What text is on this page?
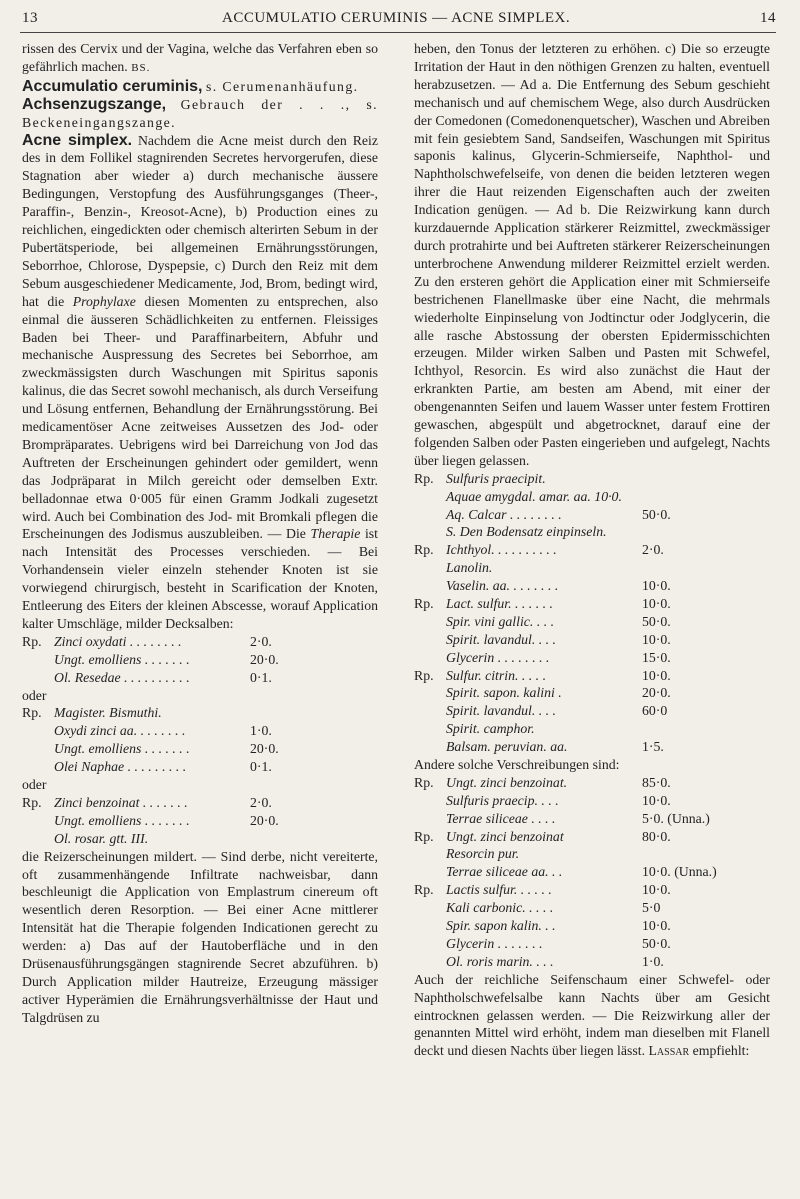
13	ACCUMULATIO CERUMINIS — ACNE SIMPLEX.	14

rissen des Cervix und der Vagina, welche das Verfahren eben so gefährlich machen. BS.

Accumulatio ceruminis, s. Cerumenanhäufung.

Achsenzugszange, Gebrauch der . . ., s. Beckeneingangszange.

Acne simplex. Nachdem die Acne meist durch den Reiz des in dem Follikel stagnirenden Secretes hervorgerufen, diese Stagnation aber wieder a) durch mechanische äussere Bedingungen, Verstopfung des Ausführungsganges (Theer-, Paraffin-, Benzin-, Kreosot-Acne), b) Production eines zu reichlichen, eingedickten oder chemisch alterirten Sebum in der Pubertätsperiode, bei allgemeinen Ernährungsstörungen, Seborrhoe, Chlorose, Dyspepsie, c) Durch den Reiz mit dem Sebum ausgeschiedener Medicamente, Jod, Brom, bedingt wird, hat die Prophylaxe diesen Momenten zu entsprechen, also einmal die äusseren Schädlichkeiten zu entfernen. Fleissiges Baden bei Theer- und Paraffinarbeitern, Abfuhr und mechanische Auspressung des Secretes bei Seborrhoe, am zweckmässigsten durch Waschungen mit Spiritus saponis kalinus, die das Secret sowohl mechanisch, als durch Verseifung und Lösung entfernen, Behandlung der Ernährungsstörung. Bei medicamentöser Acne zeitweises Aussetzen des Jod- oder Brompräparates. Uebrigens wird bei Darreichung von Jod das Auftreten der Erscheinungen gehindert oder gemildert, wenn das Jodpräparat in Milch gereicht oder demselben Extr. belladonnae etwa 0·005 für einen Gramm Jodkali zugesetzt wird. Auch bei Combination des Jod- mit Bromkali pflegen die Erscheinungen des Jodismus auszubleiben. — Die Therapie ist nach Intensität des Processes verschieden. — Bei Vorhandensein vieler einzeln stehender Knoten ist sie vorwiegend chirurgisch, besteht in Scarification der Knoten, Entleerung des Eiters der kleinen Abscesse, worauf Application kalter Umschläge, milder Decksalben:

Rp. Zinci oxydati . . . . . . . .	2·0.
Ungt. emolliens . . . . . . .	20·0.
Ol. Resedae . . . . . . . . . .	0·1.
oder
Rp. Magister. Bismuthi.
Oxydi zinci aa. . . . . . . .	1·0.
Ungt. emolliens . . . . . . .	20·0.
Olei Naphae . . . . . . . . .	0·1.
oder
Rp. Zinci benzoinat . . . . . . .	2·0.
Ungt. emolliens . . . . . . .	20·0.
Ol. rosar. gtt. III.

die Reizerscheinungen mildert. — Sind derbe, nicht vereiterte, oft zusammenhängende Infiltrate nachweisbar, dann beschleunigt die Application von Emplastrum cinereum oft wesentlich deren Resorption. — Bei einer Acne mittlerer Intensität hat die Therapie folgenden Indicationen gerecht zu werden: a) Das auf der Hautoberfläche und in den Drüsenausführungsgängen stagnirende Secret abzuführen. b) Durch Application milder Hautreize, Erzeugung mässiger activer Hyperämien die Ernährungsverhältnisse der Haut und Talgdrüsen zu

heben, den Tonus der letzteren zu erhöhen. c) Die so erzeugte Irritation der Haut in den nöthigen Grenzen zu halten, eventuell herabzusetzen. — Ad a. Die Entfernung des Sebum geschieht mechanisch und auf chemischem Wege, also durch Ausdrücken der Comedonen (Comedonenquetscher), Waschen und Abreiben mit fein gesiebtem Sand, Sandseifen, Waschungen mit Spiritus saponis kalinus, Glycerin-Schmierseife, Naphthol- und Naphtholschwefelseife, von denen die beiden letzteren wegen ihrer die Haut reizenden Eigenschaften auch der zweiten Indication genügen. — Ad b. Die Reizwirkung kann durch kurzdauernde Application stärkerer Reizmittel, zweckmässiger durch protrahirte und bei Auftreten stärkerer Reizerscheinungen unterbrochene Anwendung milderer Reizmittel erzielt werden. Zu den ersteren gehört die Application einer mit Schmierseife bestrichenen Flanellmaske über eine Nacht, die mehrmals wiederholte Einpinselung von Jodtinctur oder Jodglycerin, die alle rasche Abstossung der obersten Epidermisschichten erzeugen. Milder wirken Salben und Pasten mit Schwefel, Ichthyol, Resorcin. Es wird also zunächst die Haut der erkrankten Partie, am besten am Abend, mit einer der obengenannten Seifen und lauem Wasser unter festem Frottiren gewaschen, abgespült und abgetrocknet, darauf eine der folgenden Salben oder Pasten eingerieben und aufgelegt, Nachts über liegen gelassen.

Rp. Sulfuris praecipit.
Aquae amygdal. amar. aa. 10·0.
Aq. Calcar . . . . . . . .	50·0.
S. Den Bodensatz einpinseln.
Rp. Ichthyol. . . . . . . . . .	2·0.
Lanolin.
Vaselin. aa. . . . . . . .	10·0.
Rp. Lact. sulfur. . . . . . .	10·0.
Spir. vini gallic. . . .	50·0.
Spirit. lavandul. . . .	10·0.
Glycerin . . . . . . . .	15·0.
Rp. Sulfur. citrin. . . . .	10·0.
Spirit. sapon. kalini .	20·0.
Spirit. lavandul. . . .	60·0
Spirit. camphor.
Balsam. peruvian. aa.	1·5.
Andere solche Verschreibungen sind:
Rp. Ungt. zinci benzoinat.	85·0.
Sulfuris praecip. . . .	10·0.
Terrae siliceae . . . .	5·0. (Unna.)
Rp. Ungt. zinci benzoinat	80·0.
Resorcin pur.
Terrae siliceae aa. . .	10·0. (Unna.)
Rp. Lactis sulfur. . . . . .	10·0.
Kali carbonic. . . . .	5·0
Spir. sapon kalin. . .	10·0.
Glycerin . . . . . . .	50·0.
Ol. roris marin. . . .	1·0.

Auch der reichliche Seifenschaum einer Schwefel- oder Naphtholschwefelsalbe kann Nachts über am Gesicht eintrocknen gelassen werden. — Die Reizwirkung aller der genannten Mittel wird erhöht, indem man dieselben mit Flanell deckt und diesen Nachts über liegen lässt. Lassar empfiehlt:
